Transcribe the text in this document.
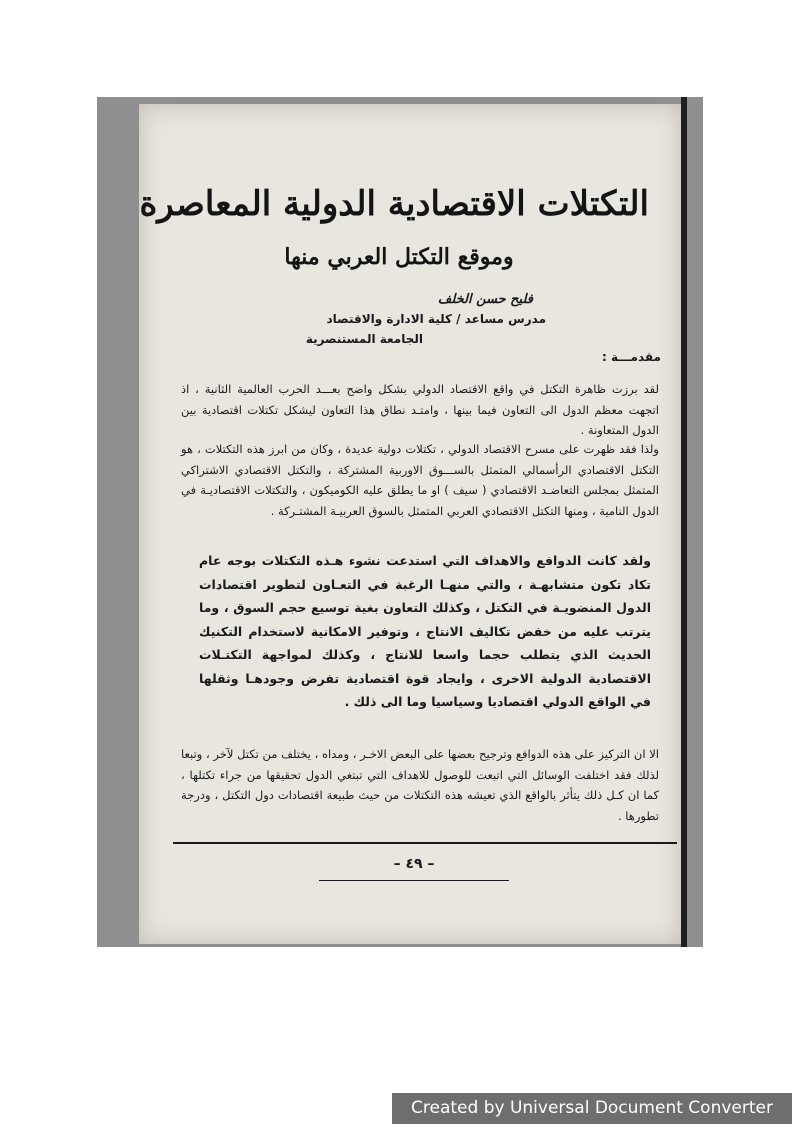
التكتلات الاقتصادية الدولية المعاصرة
وموقع التكتل العربي منها
فليح حسن الخلف
مدرس مساعد / كلية الادارة والاقتصاد
الجامعة المستنصرية
مقدمـــة :
لقد برزت ظاهرة التكتل في واقع الاقتصاد الدولي بشكل واضح بعـــد الحرب العالمية الثانية ، اذ اتجهت معظم الدول الى التعاون فيما بينها ، وامتـد نطاق هذا التعاون ليشكل تكتلات اقتصادية بين الدول المتعاونة .
ولذا فقد ظهرت على مسرح الاقتصاد الدولي ، تكتلات دولية عديدة ، وكان من ابرز هذه التكتلات ، هو التكتل الاقتصادي الرأسمالي المتمثل بالســـوق الاوربية المشتركة ، والتكتل الاقتصادي الاشتراكي المتمثل بمجلس التعاضـد الاقتصادي ( سيف ) او ما يطلق عليه الكوميكون ، والتكتلات الاقتصاديـة في الدول النامية ، ومنها التكتل الاقتصادي العربي المتمثل بالسوق العربيـة المشتـركة .
ولقد كانت الدوافع والاهداف التي استدعت نشوء هـذه التكتلات بوجه عام تكاد تكون متشابهـة ، والتي منهـا الرغبة في التعـاون لتطوير اقتصادات الدول المنضويـة في التكتل ، وكذلك التعاون بغية توسيع حجم السوق ، وما يترتب عليه من خفض تكاليف الانتاج ، وتوفير الامكانية لاستخدام التكنيك الحديث الذي يتطلب حجما واسعا للانتاج ، وكذلك لمواجهة التكتـلات الاقتصادية الدولية الاخرى ، وايجاد قوة اقتصادية تفرض وجودهـا وثقلها في الواقع الدولي اقتصاديا وسياسيا وما الى ذلك .
الا ان التركيز على هذه الدوافع وترجيح بعضها على البعض الاخـر ، ومداه ، يختلف من تكتل لآخر ، وتبعا لذلك فقد اختلفت الوسائل التي اتبعت للوصول للاهداف التي تبتغي الدول تحقيقها من جراء تكتلها ، كما ان كـل ذلك يتأثر بالواقع الذي تعيشه هذه التكتلات من حيث طبيعة اقتصادات دول التكتل ، ودرجة تطورها .
– ٤٩ –
Created by Universal Document Converter
